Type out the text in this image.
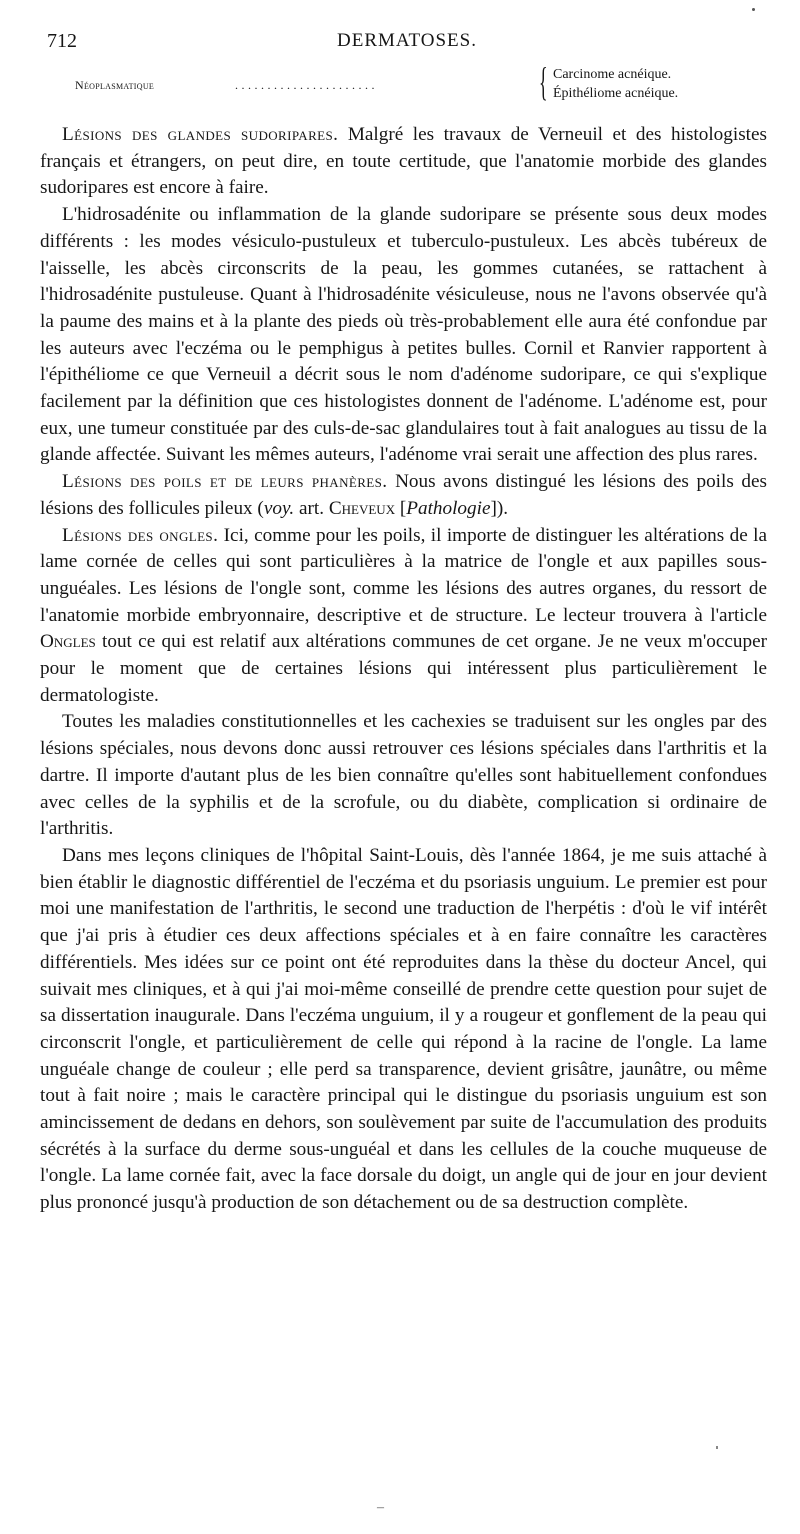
712	DERMATOSES.
Néoplasmatique	......................	{ Carcinome acnéique.
Épithéliome acnéique.

Lésions des glandes sudoripares. Malgré les travaux de Verneuil et des histologistes français et étrangers, on peut dire, en toute certitude, que l'anatomie morbide des glandes sudoripares est encore à faire.

L'hidrosadénite ou inflammation de la glande sudoripare se présente sous deux modes différents : les modes vésiculo-pustuleux et tuberculo-pustuleux. Les abcès tubéreux de l'aisselle, les abcès circonscrits de la peau, les gommes cutanées, se rattachent à l'hidrosadénite pustuleuse. Quant à l'hidrosadénite vésiculeuse, nous ne l'avons observée qu'à la paume des mains et à la plante des pieds où très-probablement elle aura été confondue par les auteurs avec l'eczéma ou le pemphigus à petites bulles. Cornil et Ranvier rapportent à l'épithéliome ce que Verneuil a décrit sous le nom d'adénome sudoripare, ce qui s'explique facilement par la définition que ces histologistes donnent de l'adénome. L'adénome est, pour eux, une tumeur constituée par des culs-de-sac glandulaires tout à fait analogues au tissu de la glande affectée. Suivant les mêmes auteurs, l'adénome vrai serait une affection des plus rares.

Lésions des poils et de leurs phanères. Nous avons distingué les lésions des poils des lésions des follicules pileux (voy. art. Cheveux [Pathologie]).

Lésions des ongles. Ici, comme pour les poils, il importe de distinguer les altérations de la lame cornée de celles qui sont particulières à la matrice de l'ongle et aux papilles sous-unguéales. Les lésions de l'ongle sont, comme les lésions des autres organes, du ressort de l'anatomie morbide embryonnaire, descriptive et de structure. Le lecteur trouvera à l'article Ongles tout ce qui est relatif aux altérations communes de cet organe. Je ne veux m'occuper pour le moment que de certaines lésions qui intéressent plus particulièrement le dermatologiste.

Toutes les maladies constitutionnelles et les cachexies se traduisent sur les ongles par des lésions spéciales, nous devons donc aussi retrouver ces lésions spéciales dans l'arthritis et la dartre. Il importe d'autant plus de les bien connaître qu'elles sont habituellement confondues avec celles de la syphilis et de la scrofule, ou du diabète, complication si ordinaire de l'arthritis.

Dans mes leçons cliniques de l'hôpital Saint-Louis, dès l'année 1864, je me suis attaché à bien établir le diagnostic différentiel de l'eczéma et du psoriasis unguium. Le premier est pour moi une manifestation de l'arthritis, le second une traduction de l'herpétis : d'où le vif intérêt que j'ai pris à étudier ces deux affections spéciales et à en faire connaître les caractères différentiels. Mes idées sur ce point ont été reproduites dans la thèse du docteur Ancel, qui suivait mes cliniques, et à qui j'ai moi-même conseillé de prendre cette question pour sujet de sa dissertation inaugurale. Dans l'eczéma unguium, il y a rougeur et gonflement de la peau qui circonscrit l'ongle, et particulièrement de celle qui répond à la racine de l'ongle. La lame unguéale change de couleur ; elle perd sa transparence, devient grisâtre, jaunâtre, ou même tout à fait noire ; mais le caractère principal qui le distingue du psoriasis unguium est son amincissement de dedans en dehors, son soulèvement par suite de l'accumulation des produits sécrétés à la surface du derme sous-unguéal et dans les cellules de la couche muqueuse de l'ongle. La lame cornée fait, avec la face dorsale du doigt, un angle qui de jour en jour devient plus prononcé jusqu'à production de son détachement ou de sa destruction complète.

–
